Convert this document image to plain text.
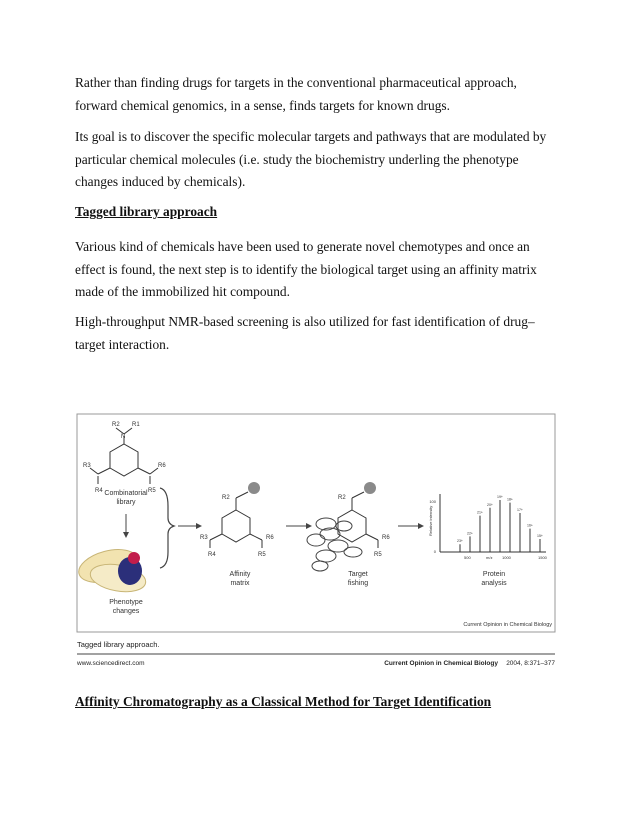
Rather than finding drugs for targets in the conventional pharmaceutical approach, forward chemical genomics, in a sense, finds targets for known drugs.

Its goal is to discover the specific molecular targets and pathways that are modulated by particular chemical molecules (i.e. study the biochemistry underling the phenotype changes induced by chemicals).

Tagged library approach

Various kind of chemicals have been used to generate novel chemotypes and once an effect is found, the next step is to identify the biological target using an affinity matrix made of the immobilized hit compound.

High-throughput NMR-based screening is also utilized for fast identification of drug–target interaction.

R2 R1
N
R3
R4
R6
R5
Combinatorial
library
Phenotype
changes
R2
R3	R6
R4	R5
Affinity
matrix
R2
R6
R5
Target
fishing
23+
22+
21+
20+
19+
18+
17+
16+
15+
100
0
Relative intensity
500	1000	1500
m/z
Protein
analysis
Current Opinion in Chemical Biology
Tagged library approach.
www.sciencedirect.com	Current Opinion in Chemical Biology 2004, 8:371–377

Affinity Chromatography as a Classical Method for Target Identification
